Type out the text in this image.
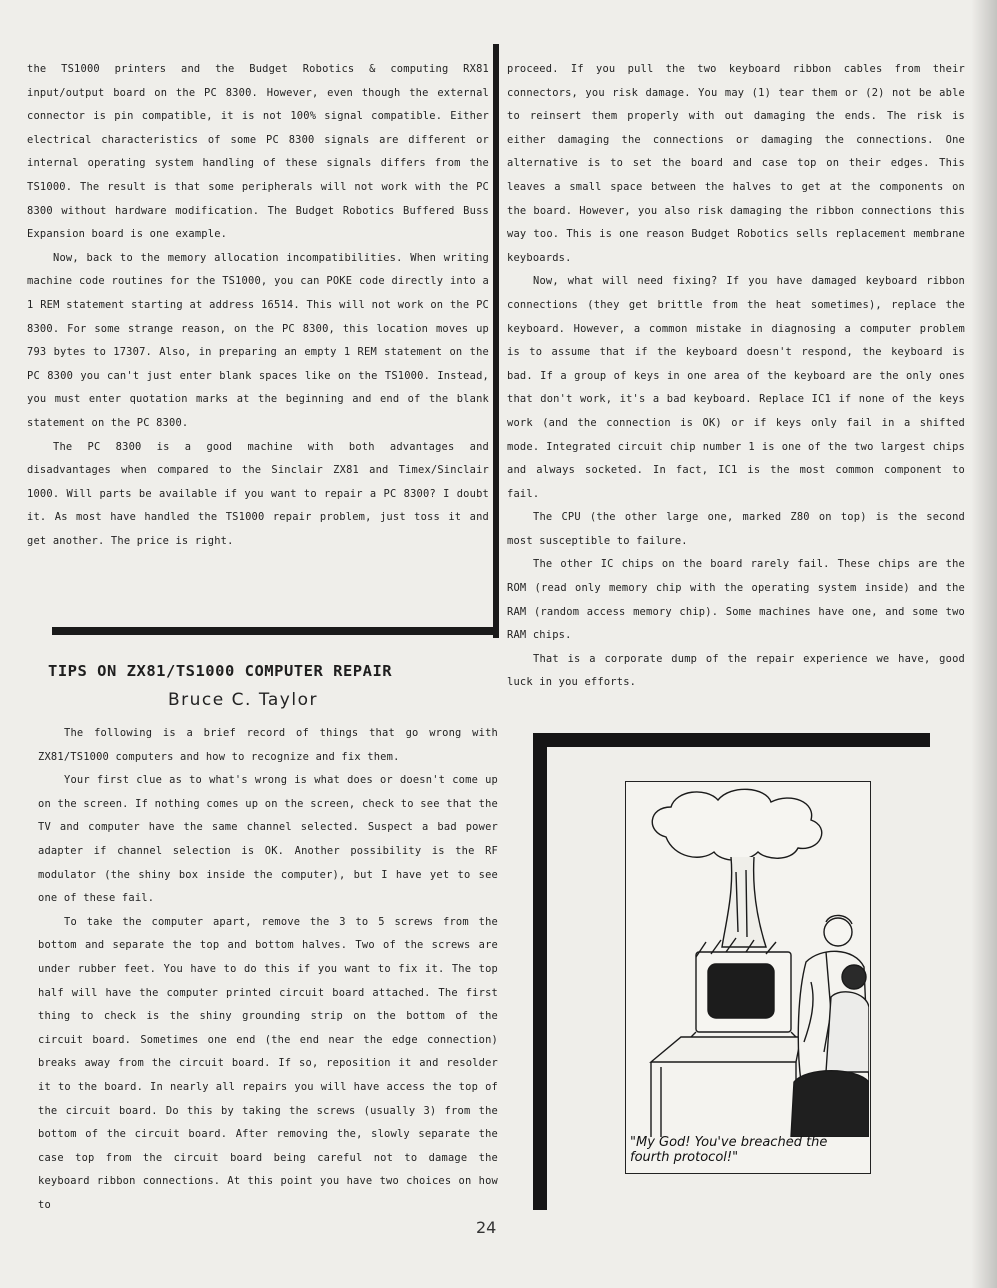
the TS1000 printers and the Budget Robotics & computing RX81 input/output board on the PC 8300. However, even though the external connector is pin compatible, it is not 100% signal compatible. Either electrical characteristics of some PC 8300 signals are different or internal operating system handling of these signals differs from the TS1000. The result is that some peripherals will not work with the PC 8300 without hardware modification. The Budget Robotics Buffered Buss Expansion board is one example.

Now, back to the memory allocation incompatibilities. When writing machine code routines for the TS1000, you can POKE code directly into a 1 REM statement starting at address 16514. This will not work on the PC 8300. For some strange reason, on the PC 8300, this location moves up 793 bytes to 17307. Also, in preparing an empty 1 REM statement on the PC 8300 you can't just enter blank spaces like on the TS1000. Instead, you must enter quotation marks at the beginning and end of the blank statement on the PC 8300.

The PC 8300 is a good machine with both advantages and disadvantages when compared to the Sinclair ZX81 and Timex/Sinclair 1000. Will parts be available if you want to repair a PC 8300? I doubt it. As most have handled the TS1000 repair problem, just toss it and get another. The price is right.

proceed. If you pull the two keyboard ribbon cables from their connectors, you risk damage. You may (1) tear them or (2) not be able to reinsert them properly with out damaging the ends. The risk is either damaging the connections or damaging the connections. One alternative is to set the board and case top on their edges. This leaves a small space between the halves to get at the components on the board. However, you also risk damaging the ribbon connections this way too. This is one reason Budget Robotics sells replacement membrane keyboards.

Now, what will need fixing? If you have damaged keyboard ribbon connections (they get brittle from the heat sometimes), replace the keyboard. However, a common mistake in diagnosing a computer problem is to assume that if the keyboard doesn't respond, the keyboard is bad. If a group of keys in one area of the keyboard are the only ones that don't work, it's a bad keyboard. Replace IC1 if none of the keys work (and the connection is OK) or if keys only fail in a shifted mode. Integrated circuit chip number 1 is one of the two largest chips and always socketed. In fact, IC1 is the most common component to fail.

The CPU (the other large one, marked Z80 on top) is the second most susceptible to failure.

The other IC chips on the board rarely fail. These chips are the ROM (read only memory chip with the operating system inside) and the RAM (random access memory chip). Some machines have one, and some two RAM chips.

That is a corporate dump of the repair experience we have, good luck in you efforts.

TIPS ON ZX81/TS1000 COMPUTER REPAIR
Bruce C. Taylor

The following is a brief record of things that go wrong with ZX81/TS1000 computers and how to recognize and fix them.

Your first clue as to what's wrong is what does or doesn't come up on the screen. If nothing comes up on the screen, check to see that the TV and computer have the same channel selected. Suspect a bad power adapter if channel selection is OK. Another possibility is the RF modulator (the shiny box inside the computer), but I have yet to see one of these fail.

To take the computer apart, remove the 3 to 5 screws from the bottom and separate the top and bottom halves. Two of the screws are under rubber feet. You have to do this if you want to fix it. The top half will have the computer printed circuit board attached. The first thing to check is the shiny grounding strip on the bottom of the circuit board. Sometimes one end (the end near the edge connection) breaks away from the circuit board. If so, reposition it and resolder it to the board. In nearly all repairs you will have access the top of the circuit board. Do this by taking the screws (usually 3) from the bottom of the circuit board. After removing the, slowly separate the case top from the circuit board being careful not to damage the keyboard ribbon connections. At this point you have two choices on how to

"My God! You've breached the fourth protocol!"
24
